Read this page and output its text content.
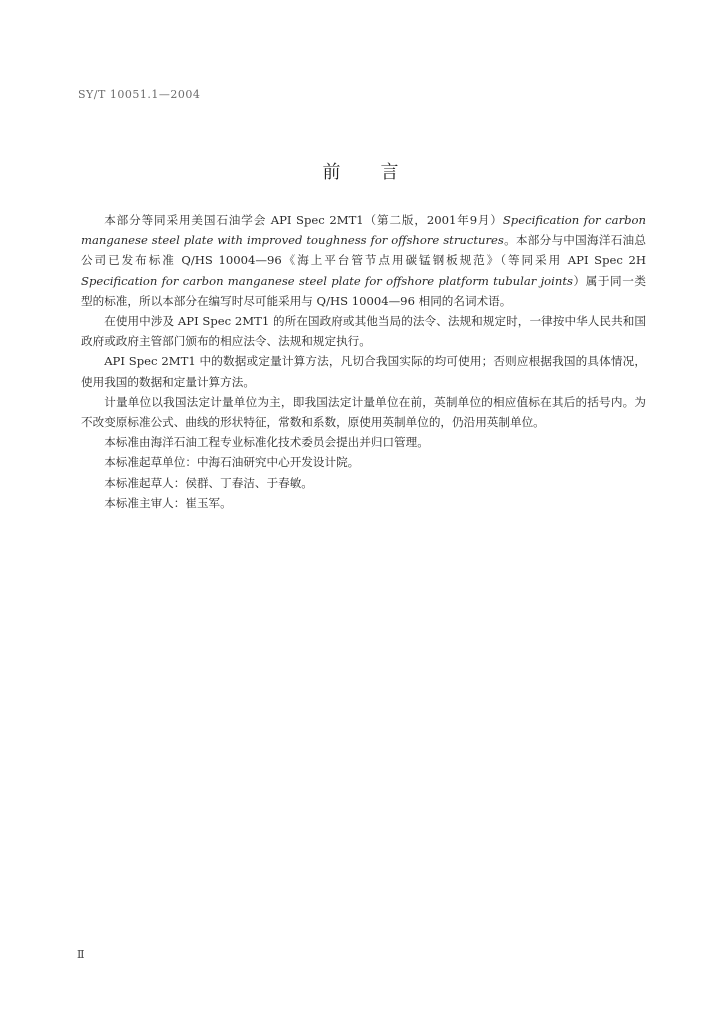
SY/T 10051.1—2004
前言

本部分等同采用美国石油学会 API Spec 2MT1（第二版，2001年9月）Specification for carbon manganese steel plate with improved toughness for offshore structures。本部分与中国海洋石油总公司已发布标准 Q/HS 10004—96《海上平台管节点用碳锰钢板规范》（等同采用 API Spec 2H Specification for carbon manganese steel plate for offshore platform tubular joints）属于同一类型的标准，所以本部分在编写时尽可能采用与 Q/HS 10004—96 相同的名词术语。

在使用中涉及 API Spec 2MT1 的所在国政府或其他当局的法令、法规和规定时，一律按中华人民共和国政府或政府主管部门颁布的相应法令、法规和规定执行。

API Spec 2MT1 中的数据或定量计算方法，凡切合我国实际的均可使用；否则应根据我国的具体情况，使用我国的数据和定量计算方法。

计量单位以我国法定计量单位为主，即我国法定计量单位在前，英制单位的相应值标在其后的括号内。为不改变原标准公式、曲线的形状特征，常数和系数，原使用英制单位的，仍沿用英制单位。

本标准由海洋石油工程专业标准化技术委员会提出并归口管理。

本标准起草单位：中海石油研究中心开发设计院。

本标准起草人：侯群、丁春洁、于春敏。

本标准主审人：崔玉军。

Ⅱ
